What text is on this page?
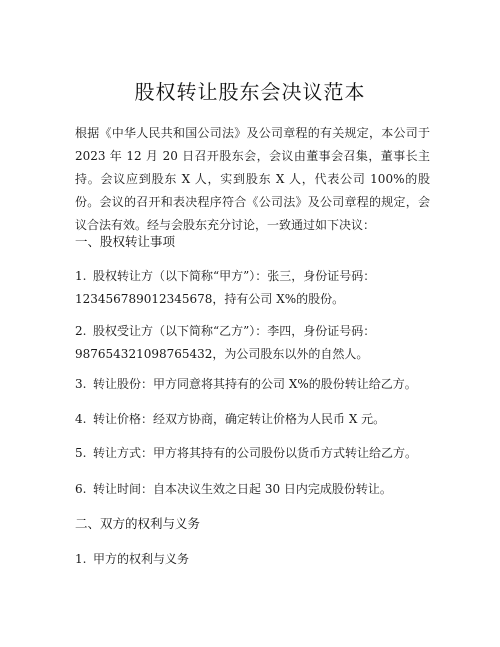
股权转让股东会决议范本
根据《中华人民共和国公司法》及公司章程的有关规定，本公司于 2023 年 12 月 20 日召开股东会，会议由董事会召集，董事长主持。会议应到股东 X 人，实到股东 X 人，代表公司 100%的股份。会议的召开和表决程序符合《公司法》及公司章程的规定，会议合法有效。经与会股东充分讨论，一致通过如下决议：
一、股权转让事项
1. 股权转让方（以下简称“甲方”）：张三，身份证号码：
123456789012345678，持有公司 X%的股份。
2. 股权受让方（以下简称“乙方”）：李四，身份证号码：
987654321098765432，为公司股东以外的自然人。
3. 转让股份：甲方同意将其持有的公司 X%的股份转让给乙方。
4. 转让价格：经双方协商，确定转让价格为人民币 X 元。
5. 转让方式：甲方将其持有的公司股份以货币方式转让给乙方。
6. 转让时间：自本决议生效之日起 30 日内完成股份转让。
二、双方的权利与义务
1. 甲方的权利与义务
